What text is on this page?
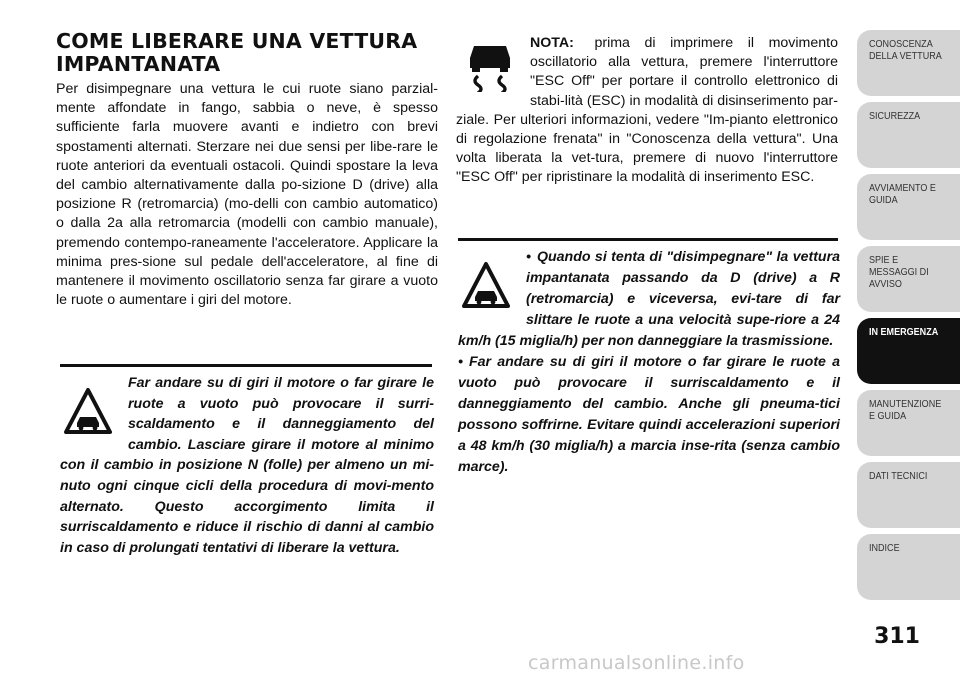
COME LIBERARE UNA VETTURA
IMPANTANATA

Per disimpegnare una vettura le cui ruote siano parzial-mente affondate in fango, sabbia o neve, è spesso sufficiente farla muovere avanti e indietro con brevi spostamenti alternati. Sterzare nei due sensi per libe-rare le ruote anteriori da eventuali ostacoli. Quindi spostare la leva del cambio alternativamente dalla po-sizione D (drive) alla posizione R (retromarcia) (mo-delli con cambio automatico) o dalla 2a alla retromarcia (modelli con cambio manuale), premendo contempo-raneamente l'acceleratore. Applicare la minima pres-sione sul pedale dell'acceleratore, al fine di mantenere il movimento oscillatorio senza far girare a vuoto le ruote o aumentare i giri del motore.

Far andare su di giri il motore o far girare le ruote a vuoto può provocare il surri-scaldamento e il danneggiamento del cambio. Lasciare girare il motore al minimo con il cambio in posizione N (folle) per almeno un mi-nuto ogni cinque cicli della procedura di movi-mento alternato. Questo accorgimento limita il surriscaldamento e riduce il rischio di danni al cambio in caso di prolungati tentativi di liberare la vettura.
NOTA: prima di imprimere il movimento oscillatorio alla vettura, premere l'interruttore "ESC Off" per portare il controllo elettronico di stabi-lità (ESC) in modalità di disinserimento par-ziale. Per ulteriori informazioni, vedere "Im-pianto elettronico di regolazione frenata" in "Conoscenza della vettura". Una volta liberata la vet-tura, premere di nuovo l'interruttore "ESC Off" per ripristinare la modalità di inserimento ESC.
• Quando si tenta di "disimpegnare" la vettura impantanata passando da D (drive) a R (retromarcia) e viceversa, evi-tare di far slittare le ruote a una velocità supe-riore a 24 km/h (15 miglia/h) per non danneggiare la trasmissione.
• Far andare su di giri il motore o far girare le ruote a vuoto può provocare il surriscaldamento e il danneggiamento del cambio. Anche gli pneuma-tici possono soffrirne. Evitare quindi accelerazioni superiori a 48 km/h (30 miglia/h) a marcia inse-rita (senza cambio marce).
CONOSCENZA DELLA VETTURA
SICUREZZA
AVVIAMENTO E GUIDA
SPIE E MESSAGGI DI AVVISO
IN EMERGENZA
MANUTENZIONE E GUIDA
DATI TECNICI
INDICE
311
carmanualsonline.info
